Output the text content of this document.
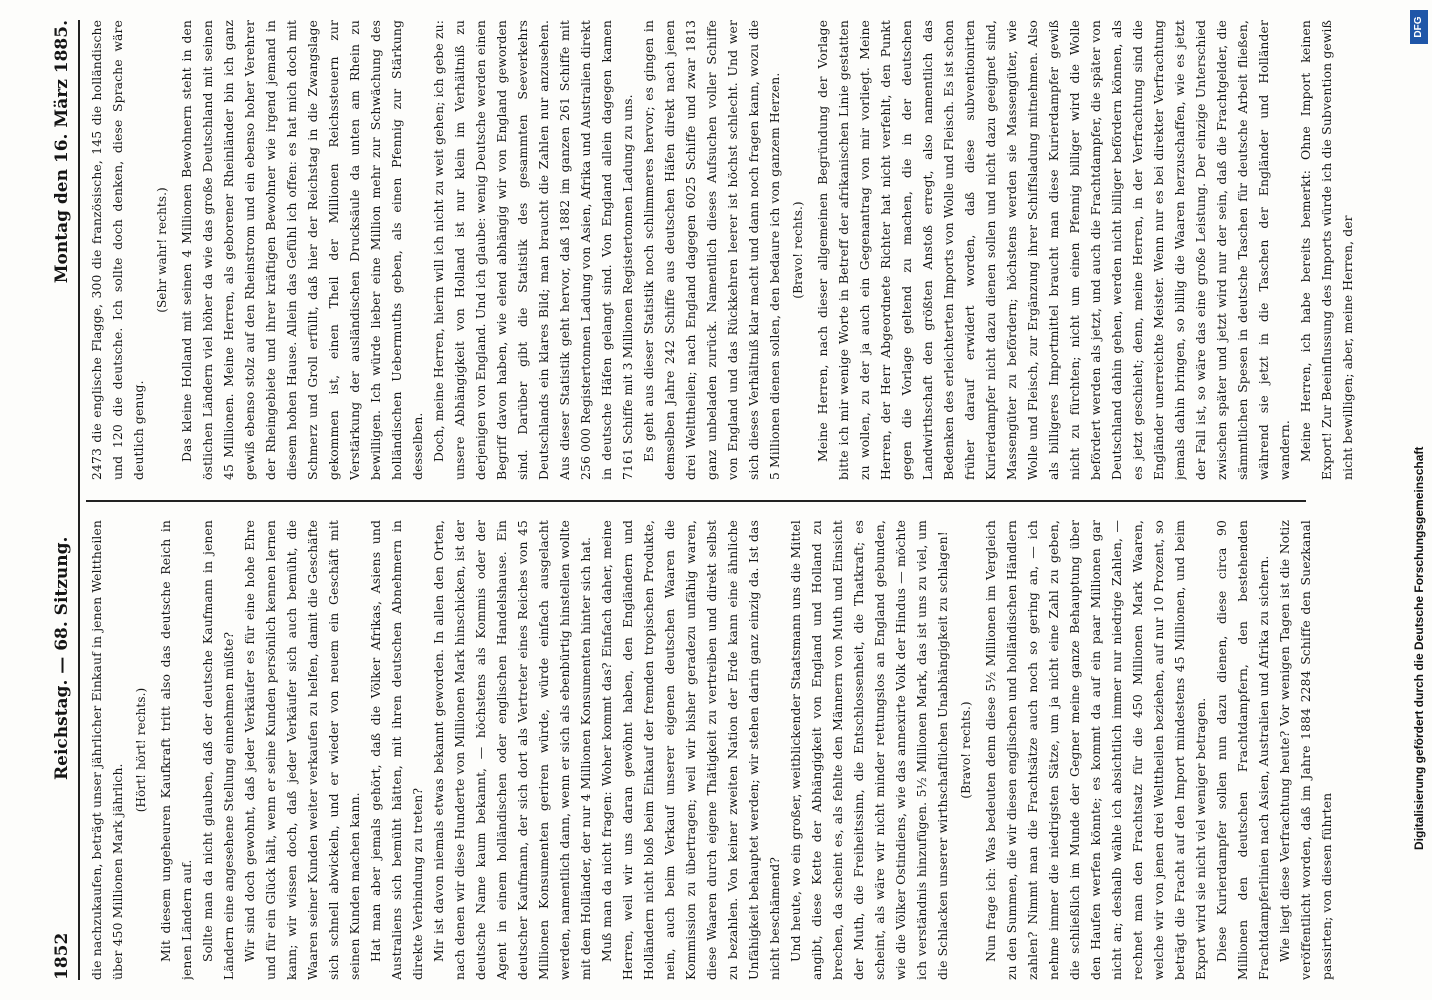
1852
Reichstag. — 68. Sitzung.
Montag den 16. März 1885.

die nachzukaufen, beträgt unser jährlicher Einkauf in jenen Welttheilen über 450 Millionen Mark jährlich.

(Hört! hört! rechts.) Mit diesem ungeheuren Kaufkraft tritt also das deutsche Reich in jenen Ländern auf. Sollte man da nicht glauben, daß der deutsche Kaufmann in jenen Ländern eine angesehene Stellung einnehmen müßte? Wir sind doch gewohnt, daß jeder Verkäufer es für eine hohe Ehre und für ein Glück hält, wenn er seine Kunden persönlich kennen lernen kann; wir wissen doch, daß jeder Verkäufer sich auch bemüht, die Waaren seiner Kunden weiter verkaufen zu helfen, damit die Geschäfte sich schnell abwickeln, und er wieder von neuem ein Geschäft mit seinen Kunden machen kann. Hat man aber jemals gehört, daß die Völker Afrikas, Asiens und Australiens sich bemüht hätten, mit ihren deutschen Abnehmern in direkte Verbindung zu treten? Mir ist davon niemals etwas bekannt geworden. In allen den Orten, nach denen wir diese Hunderte von Millionen Mark hinschicken, ist der deutsche Name kaum bekannt, — höchstens als Kommis oder der Agent in einem holländischen oder englischen Handelshause. Ein deutscher Kaufmann, der sich dort als Vertreter eines Reiches von 45 Millionen Konsumenten geriren würde, würde einfach ausgelacht werden, namentlich dann, wenn er sich als ebenbürtig hinstellen wollte mit dem Holländer, der nur 4 Millionen Konsumenten hinter sich hat. Muß man da nicht fragen: Woher kommt das? Einfach daher, meine Herren, weil wir uns daran gewöhnt haben, den Engländern und Holländern nicht bloß beim Einkauf der fremden tropischen Produkte, nein, auch beim Verkauf unserer eigenen deutschen Waaren die Kommission zu übertragen; weil wir bisher geradezu unfähig waren, diese Waaren durch eigene Thätigkeit zu vertreiben und direkt selbst zu bezahlen. Von keiner zweiten Nation der Erde kann eine ähnliche Unfähigkeit behauptet werden; wir stehen darin ganz einzig da. Ist das nicht beschämend? Und heute, wo ein großer, weitblickender Staatsmann uns die Mittel angibt, diese Kette der Abhängigkeit von England und Holland zu brechen, da scheint es, als fehlte den Männern von Muth und Einsicht der Muth, die Freiheitssinn, die Entschlossenheit, die Thatkraft; es scheint, als wäre wir nicht minder rettungslos an England gebunden, wie die Völker Ostindiens, wie das annexirte Volk der Hindus — möchte ich verständnis hinzufügen. 5½ Millionen Mark, das ist uns zu viel, um die Schlacken unserer wirthschaftlichen Unabhängigkeit zu schlagen! (Bravo! rechts.) Nun frage ich: Was bedeuten denn diese 5½ Millionen im Vergleich zu den Summen, die wir diesen englischen und holländischen Händlern zahlen? Nimmt man die Frachtsätze auch noch so gering an, — ich nehme immer die niedrigsten Sätze, um ja nicht eine Zahl zu geben, die schließlich im Munde der Gegner meine ganze Behauptung über den Haufen werfen könnte; es kommt da auf ein paar Millionen gar nicht an; deshalb wähle ich absichtlich immer nur niedrige Zahlen, — rechnet man den Frachtsatz für die 450 Millionen Mark Waaren, welche wir von jenen drei Welttheilen beziehen, auf nur 10 Prozent, so beträgt die Fracht auf den Import mindestens 45 Millionen, und beim Export wird sie nicht viel weniger betragen. Diese Kurierdampfer sollen nun dazu dienen, diese circa 90 Millionen den deutschen Frachtdampfern, den bestehenden Frachtdampferlinien nach Asien, Australien und Afrika zu sichern. Wie liegt diese Verfrachtung heute? Vor wenigen Tagen ist die Notiz veröffentlicht worden, daß im Jahre 1884 2284 Schiffe den Suezkanal passirten; von diesen führten

2473 die englische Flagge, 300 die französische, 145 die holländische und 120 die deutsche. Ich sollte doch denken, diese Sprache wäre deutlich genug.

(Sehr wahr! rechts.) Das kleine Holland mit seinen 4 Millionen Bewohnern steht in den östlichen Ländern viel höher da wie das große Deutschland mit seinen 45 Millionen. Meine Herren, als geborener Rheinländer bin ich ganz gewiß ebenso stolz auf den Rheinstrom und ein ebenso hoher Verehrer der Rheingebiete und ihrer kräftigen Bewohner wie irgend jemand in diesem hohen Hause. Allein das Gefühl ich offen: es hat mich doch mit Schmerz und Groll erfüllt, daß hier der Reichstag in die Zwangslage gekommen ist, einen Theil der Millionen Reichssteuern zur Verstärkung der ausländischen Drucksäule da unten am Rhein zu bewilligen. Ich würde lieber eine Million mehr zur Schwächung des holländischen Uebermuths geben, als einen Pfennig zur Stärkung desselben. Doch, meine Herren, hierin will ich nicht zu weit gehen; ich gebe zu: unsere Abhängigkeit von Holland ist nur klein im Verhältniß zu derjenigen von England. Und ich glaube: wenig Deutsche werden einen Begriff davon haben, wie elend abhängig wir von England geworden sind. Darüber gibt die Statistik des gesammten Seeverkehrs Deutschlands ein klares Bild; man braucht die Zahlen nur anzusehen. Aus dieser Statistik geht hervor, daß 1882 im ganzen 261 Schiffe mit 256 000 Registertonnen Ladung von Asien, Afrika und Australien direkt in deutsche Häfen gelangt sind. Von England allein dagegen kamen 7161 Schiffe mit 3 Millionen Registertonnen Ladung zu uns. Es geht aus dieser Statistik noch schlimmeres hervor; es gingen in demselben Jahre 242 Schiffe aus deutschen Häfen direkt nach jenen drei Welttheilen; nach England dagegen 6025 Schiffe und zwar 1813 ganz unbeladen zurück. Namentlich dieses Aufsuchen voller Schiffe von England und das Rückkehren leerer ist höchst schlecht. Und wer sich dieses Verhältniß klar macht und dann noch fragen kann, wozu die 5 Millionen dienen sollen, den bedaure ich von ganzem Herzen. (Bravo! rechts.) Meine Herren, nach dieser allgemeinen Begründung der Vorlage bitte ich mir wenige Worte in Betreff der afrikanischen Linie gestatten zu wollen, zu der ja auch ein Gegenantrag von mir vorliegt. Meine Herren, der Herr Abgeordnete Richter hat nicht verfehlt, den Punkt gegen die Vorlage geltend zu machen, die in der deutschen Landwirthschaft den größten Anstoß erregt, also namentlich das Bedenken des erleichterten Imports von Wolle und Fleisch. Es ist schon früher darauf erwidert worden, daß diese subventionirten Kurierdampfer nicht dazu dienen sollen und nicht dazu geeignet sind, Massengüter zu befördern; höchstens werden sie Massengüter, wie Wolle und Fleisch, zur Ergänzung ihrer Schiffsladung mitnehmen. Also als billigeres Importmittel braucht man diese Kurierdampfer gewiß nicht zu fürchten; nicht um einen Pfennig billiger wird die Wolle befördert werden als jetzt, und auch die Frachtdampfer, die später von Deutschland dahin gehen, werden nicht billiger befördern können, als es jetzt geschieht; denn, meine Herren, in der Verfrachtung sind die Engländer unerreichte Meister. Wenn nur es bei direkter Verfrachtung jemals dahin bringen, so billig die Waaren herzuschaffen, wie es jetzt der Fall ist, so wäre das eine große Leistung. Der einzige Unterschied zwischen später und jetzt wird nur der sein, daß die Frachtgelder, die sämmtlichen Spesen in deutsche Taschen für deutsche Arbeit fließen, während sie jetzt in die Taschen der Engländer und Holländer wandern. Meine Herren, ich habe bereits bemerkt: Ohne Import keinen Export! Zur Beeinflussung des Imports würde ich die Subvention gewiß nicht bewilligen; aber, meine Herren, der

DFG
Digitalisierung gefördert durch die Deutsche Forschungsgemeinschaft
